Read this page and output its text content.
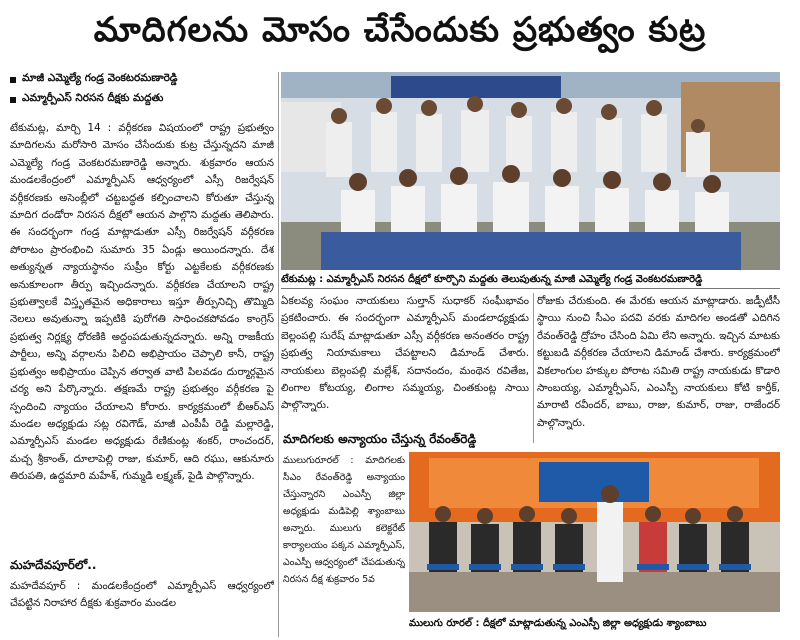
మాదిగలను మోసం చేసేందుకు ప్రభుత్వం కుట్ర
మాజీ ఎమ్మెల్యే గండ్ర వెంకటరమణారెడ్డి
ఎమ్మార్పీఎస్ నిరసన దీక్షకు మద్దతు

టేకుమట్ల, మార్చి 14 : వర్గీకరణ విషయంలో రాష్ట్ర ప్రభుత్వం మాదిగలను మరోసారి మోసం చేసేందుకు కుట్ర చేస్తున్నదని మాజీ ఎమ్మెల్యే గండ్ర వెంకటరమణారెడ్డి అన్నారు. శుక్రవారం ఆయన మండలకేంద్రంలో ఎమ్మార్పీఎస్ ఆధ్వర్యంలో ఎస్సీ రిజర్వేషన్ వర్గీకరణకు అసెంబ్లీలో చట్టబద్ధత కల్పించాలని కోరుతూ చేస్తున్న మాదిగ దండోరా నిరసన దీక్షలో ఆయన పాల్గొని మద్దతు తెలిపారు. ఈ సందర్భంగా గండ్ర మాట్లాడుతూ ఎస్సీ రిజర్వేషన్ వర్గీకరణ పోరాటం ప్రారంభించి సుమారు 35 ఏండ్లు అయిందన్నారు. దేశ అత్యున్నత న్యాయస్థానం సుప్రీం కోర్టు ఎట్టకేలకు వర్గీకరణకు అనుకూలంగా తీర్పు ఇచ్చిందన్నారు. వర్గీకరణ చేయాలని రాష్ట్ర ప్రభుత్వాలకే విస్తృతమైన అధికారాలు ఇస్తూ తీర్పునిచ్చి తొమ్మిది నెలలు అవుతున్నా ఇప్పటికి పురోగతి సాధించకపోవడం కాంగ్రెస్ ప్రభుత్వ నిర్లక్ష్య ధోరణికి అద్దంపడుతున్నదన్నారు. అన్ని రాజకీయ పార్టీలు, అన్ని వర్గాలను పిలిచి అభిప్రాయం చెప్పాలి కానీ, రాష్ట్ర ప్రభుత్వం అభిప్రాయం చెప్పిన తర్వాత వాటి పిలవడం దుర్మార్గమైన చర్య అని పేర్కొన్నారు. తక్షణమే రాష్ట్ర ప్రభుత్వం వర్గీకరణ పై స్పందించి న్యాయం చేయాలని కోరారు. కార్యక్రమంలో బీఆర్ఎస్ మండల అధ్యక్షుడు సట్ల రవిగౌడ్, మాజీ ఎంపీపీ రెడ్డి మల్లారెడ్డి, ఎమ్మార్పీఎస్ మండల అధ్యక్షుడు రేణికుంట్ల శంకర్, రాంచందర్, మచ్చ శ్రీకాంత్, దూలాపెల్లి రాజు, కుమార్, ఆది రఘు, ఆకునూరు తిరుపతి, ఉద్దమారి మహేశ్, గుమ్మడి లక్ష్మణ్, పైడి పాల్గొన్నారు.

మహదేవపూర్‌లో..

మహదేవపూర్ : మండలకేంద్రంలో ఎమ్మార్పీఎస్ ఆధ్వర్యంలో చేపట్టిన నిరాహార దీక్షకు శుక్రవారం మండల

టేకుమట్ల : ఎమ్మార్పీఎస్ నిరసన దీక్షలో కూర్చొని మద్దతు తెలుపుతున్న మాజీ ఎమ్మెల్యే గండ్ర వెంకటరమణారెడ్డి

ఏకలవ్య సంఘం నాయకులు సుల్తాన్ సుధాకర్ సంఘీభావం ప్రకటించారు. ఈ సందర్భంగా ఎమ్మార్పీఎస్ మండలాధ్యక్షుడు బెల్లంపల్లి సురేష్ మాట్లాడుతూ ఎస్సీ వర్గీకరణ అనంతరం రాష్ట్ర ప్రభుత్వ నియామకాలు చేపట్టాలని డిమాండ్ చేశారు. నాయకులు బెల్లంపల్లి మల్లేశ్, సదానందం, మంథెన రవితేజ, లింగాల కోటయ్య, లింగాల సమ్మయ్య, చింతకుంట్ల సాయి పాల్గొన్నారు.

రోజుకు చేరుకుంది. ఈ మేరకు ఆయన మాట్లాడారు. జడ్పీటీసీ స్థాయి నుంచి సీఎం పదవి వరకు మాదిగల అండతో ఎదిగిన రేవంత్‌రెడ్డి ద్రోహం చేసింది ఏమి లేని అన్నారు. ఇచ్చిన మాటకు కట్టుబడి వర్గీకరణ చేయాలని డిమాండ్ చేశారు. కార్యక్రమంలో వికలాంగుల హక్కుల పోరాట సమితి రాష్ట్ర నాయకుడు కొడారి సాంబయ్య, ఎమ్మార్పీఎస్, ఎంఎస్పీ నాయకులు కోటి కార్తీక్, మారాటి రవీందర్, బాబు, రాజు, కుమార్, రాజు, రాజేందర్ పాల్గొన్నారు.

మాదిగలకు అన్యాయం చేస్తున్న రేవంత్‌రెడ్డి

ములుగురూరల్ : మాదిగలకు సీఎం రేవంత్‌రెడ్డి అన్యాయం చేస్తున్నారని ఎంఎస్పీ జిల్లా అధ్యక్షుడు మడిపెల్లి శ్యాంబాబు అన్నారు. ములుగు కలెక్టరేట్ కార్యాలయం పక్కన ఎమ్మార్పీఎస్, ఎంఎస్పీ ఆధ్వర్యంలో చేపడుతున్న నిరసన దీక్ష శుక్రవారం 5వ

ములుగు రూరల్ : దీక్షలో మాట్లాడుతున్న ఎంఎస్పీ జిల్లా అధ్యక్షుడు శ్యాంబాబు
